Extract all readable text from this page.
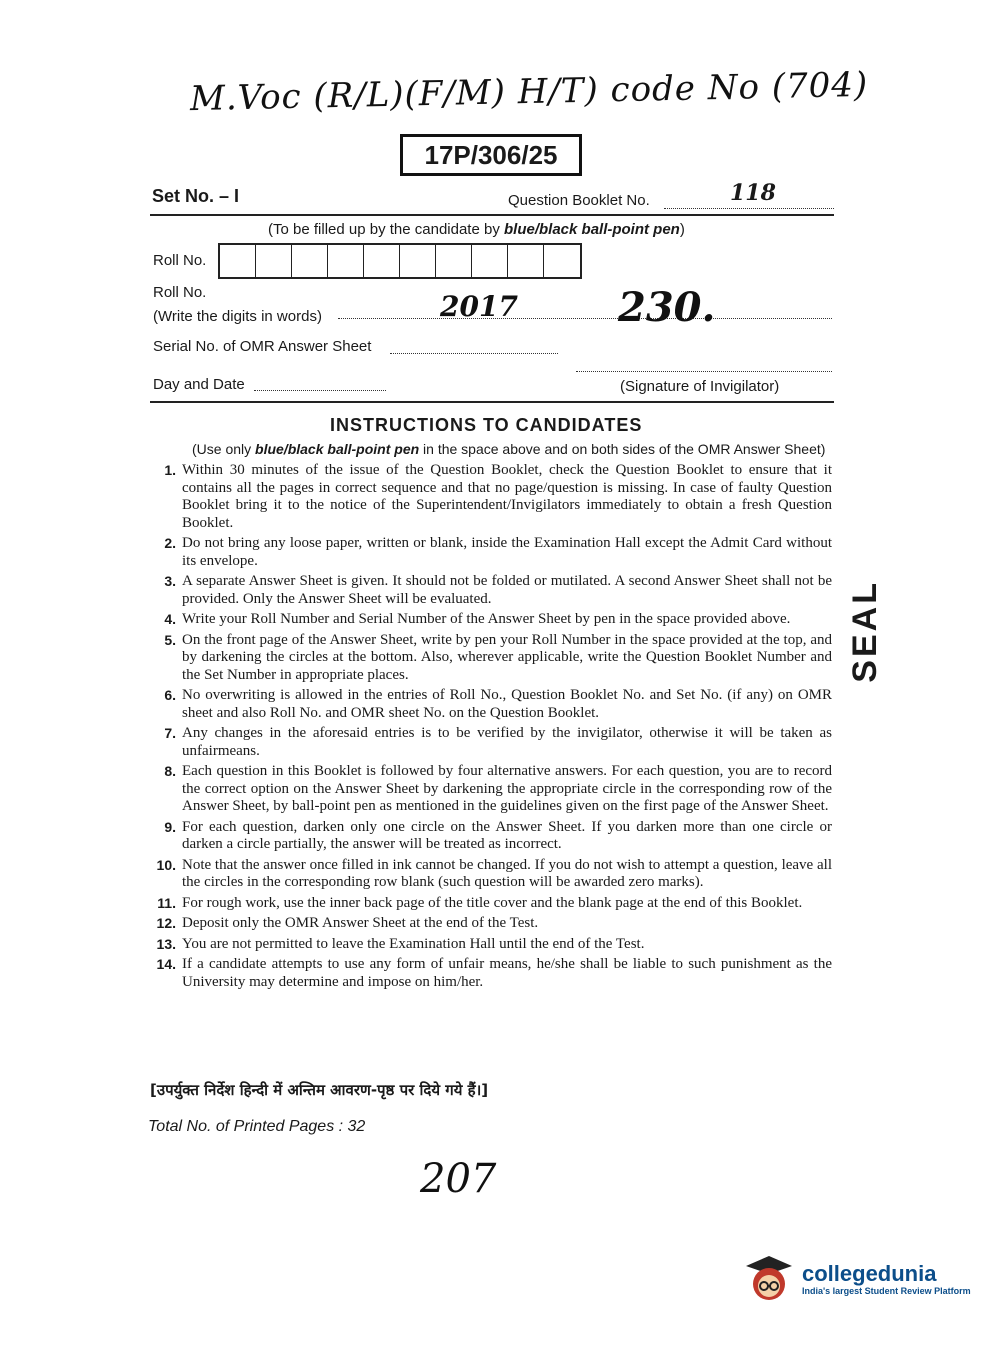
M.Voc (R/L)(F/M) H/T) code No (704)
17P/306/25
Set No. – I	Question Booklet No.	118
(To be filled up by the candidate by blue/black ball-point pen)
Roll No.
Roll No.
(Write the digits in words)	2017	230.
Serial No. of OMR Answer Sheet
Day and Date	(Signature of Invigilator)
INSTRUCTIONS TO CANDIDATES
(Use only blue/black ball-point pen in the space above and on both sides of the OMR Answer Sheet)
1. Within 30 minutes of the issue of the Question Booklet, check the Question Booklet to ensure that it contains all the pages in correct sequence and that no page/question is missing. In case of faulty Question Booklet bring it to the notice of the Superintendent/Invigilators immediately to obtain a fresh Question Booklet.
2. Do not bring any loose paper, written or blank, inside the Examination Hall except the Admit Card without its envelope.
3. A separate Answer Sheet is given. It should not be folded or mutilated. A second Answer Sheet shall not be provided. Only the Answer Sheet will be evaluated.
4. Write your Roll Number and Serial Number of the Answer Sheet by pen in the space provided above.
5. On the front page of the Answer Sheet, write by pen your Roll Number in the space provided at the top, and by darkening the circles at the bottom. Also, wherever applicable, write the Question Booklet Number and the Set Number in appropriate places.
6. No overwriting is allowed in the entries of Roll No., Question Booklet No. and Set No. (if any) on OMR sheet and also Roll No. and OMR sheet No. on the Question Booklet.
7. Any changes in the aforesaid entries is to be verified by the invigilator, otherwise it will be taken as unfairmeans.
8. Each question in this Booklet is followed by four alternative answers. For each question, you are to record the correct option on the Answer Sheet by darkening the appropriate circle in the corresponding row of the Answer Sheet, by ball-point pen as mentioned in the guidelines given on the first page of the Answer Sheet.
9. For each question, darken only one circle on the Answer Sheet. If you darken more than one circle or darken a circle partially, the answer will be treated as incorrect.
10. Note that the answer once filled in ink cannot be changed. If you do not wish to attempt a question, leave all the circles in the corresponding row blank (such question will be awarded zero marks).
11. For rough work, use the inner back page of the title cover and the blank page at the end of this Booklet.
12. Deposit only the OMR Answer Sheet at the end of the Test.
13. You are not permitted to leave the Examination Hall until the end of the Test.
14. If a candidate attempts to use any form of unfair means, he/she shall be liable to such punishment as the University may determine and impose on him/her.
SEAL
[उपर्युक्त निर्देश हिन्दी में अन्तिम आवरण-पृष्ठ पर दिये गये हैं।]
Total No. of Printed Pages : 32
207
collegedunia
India's largest Student Review Platform
